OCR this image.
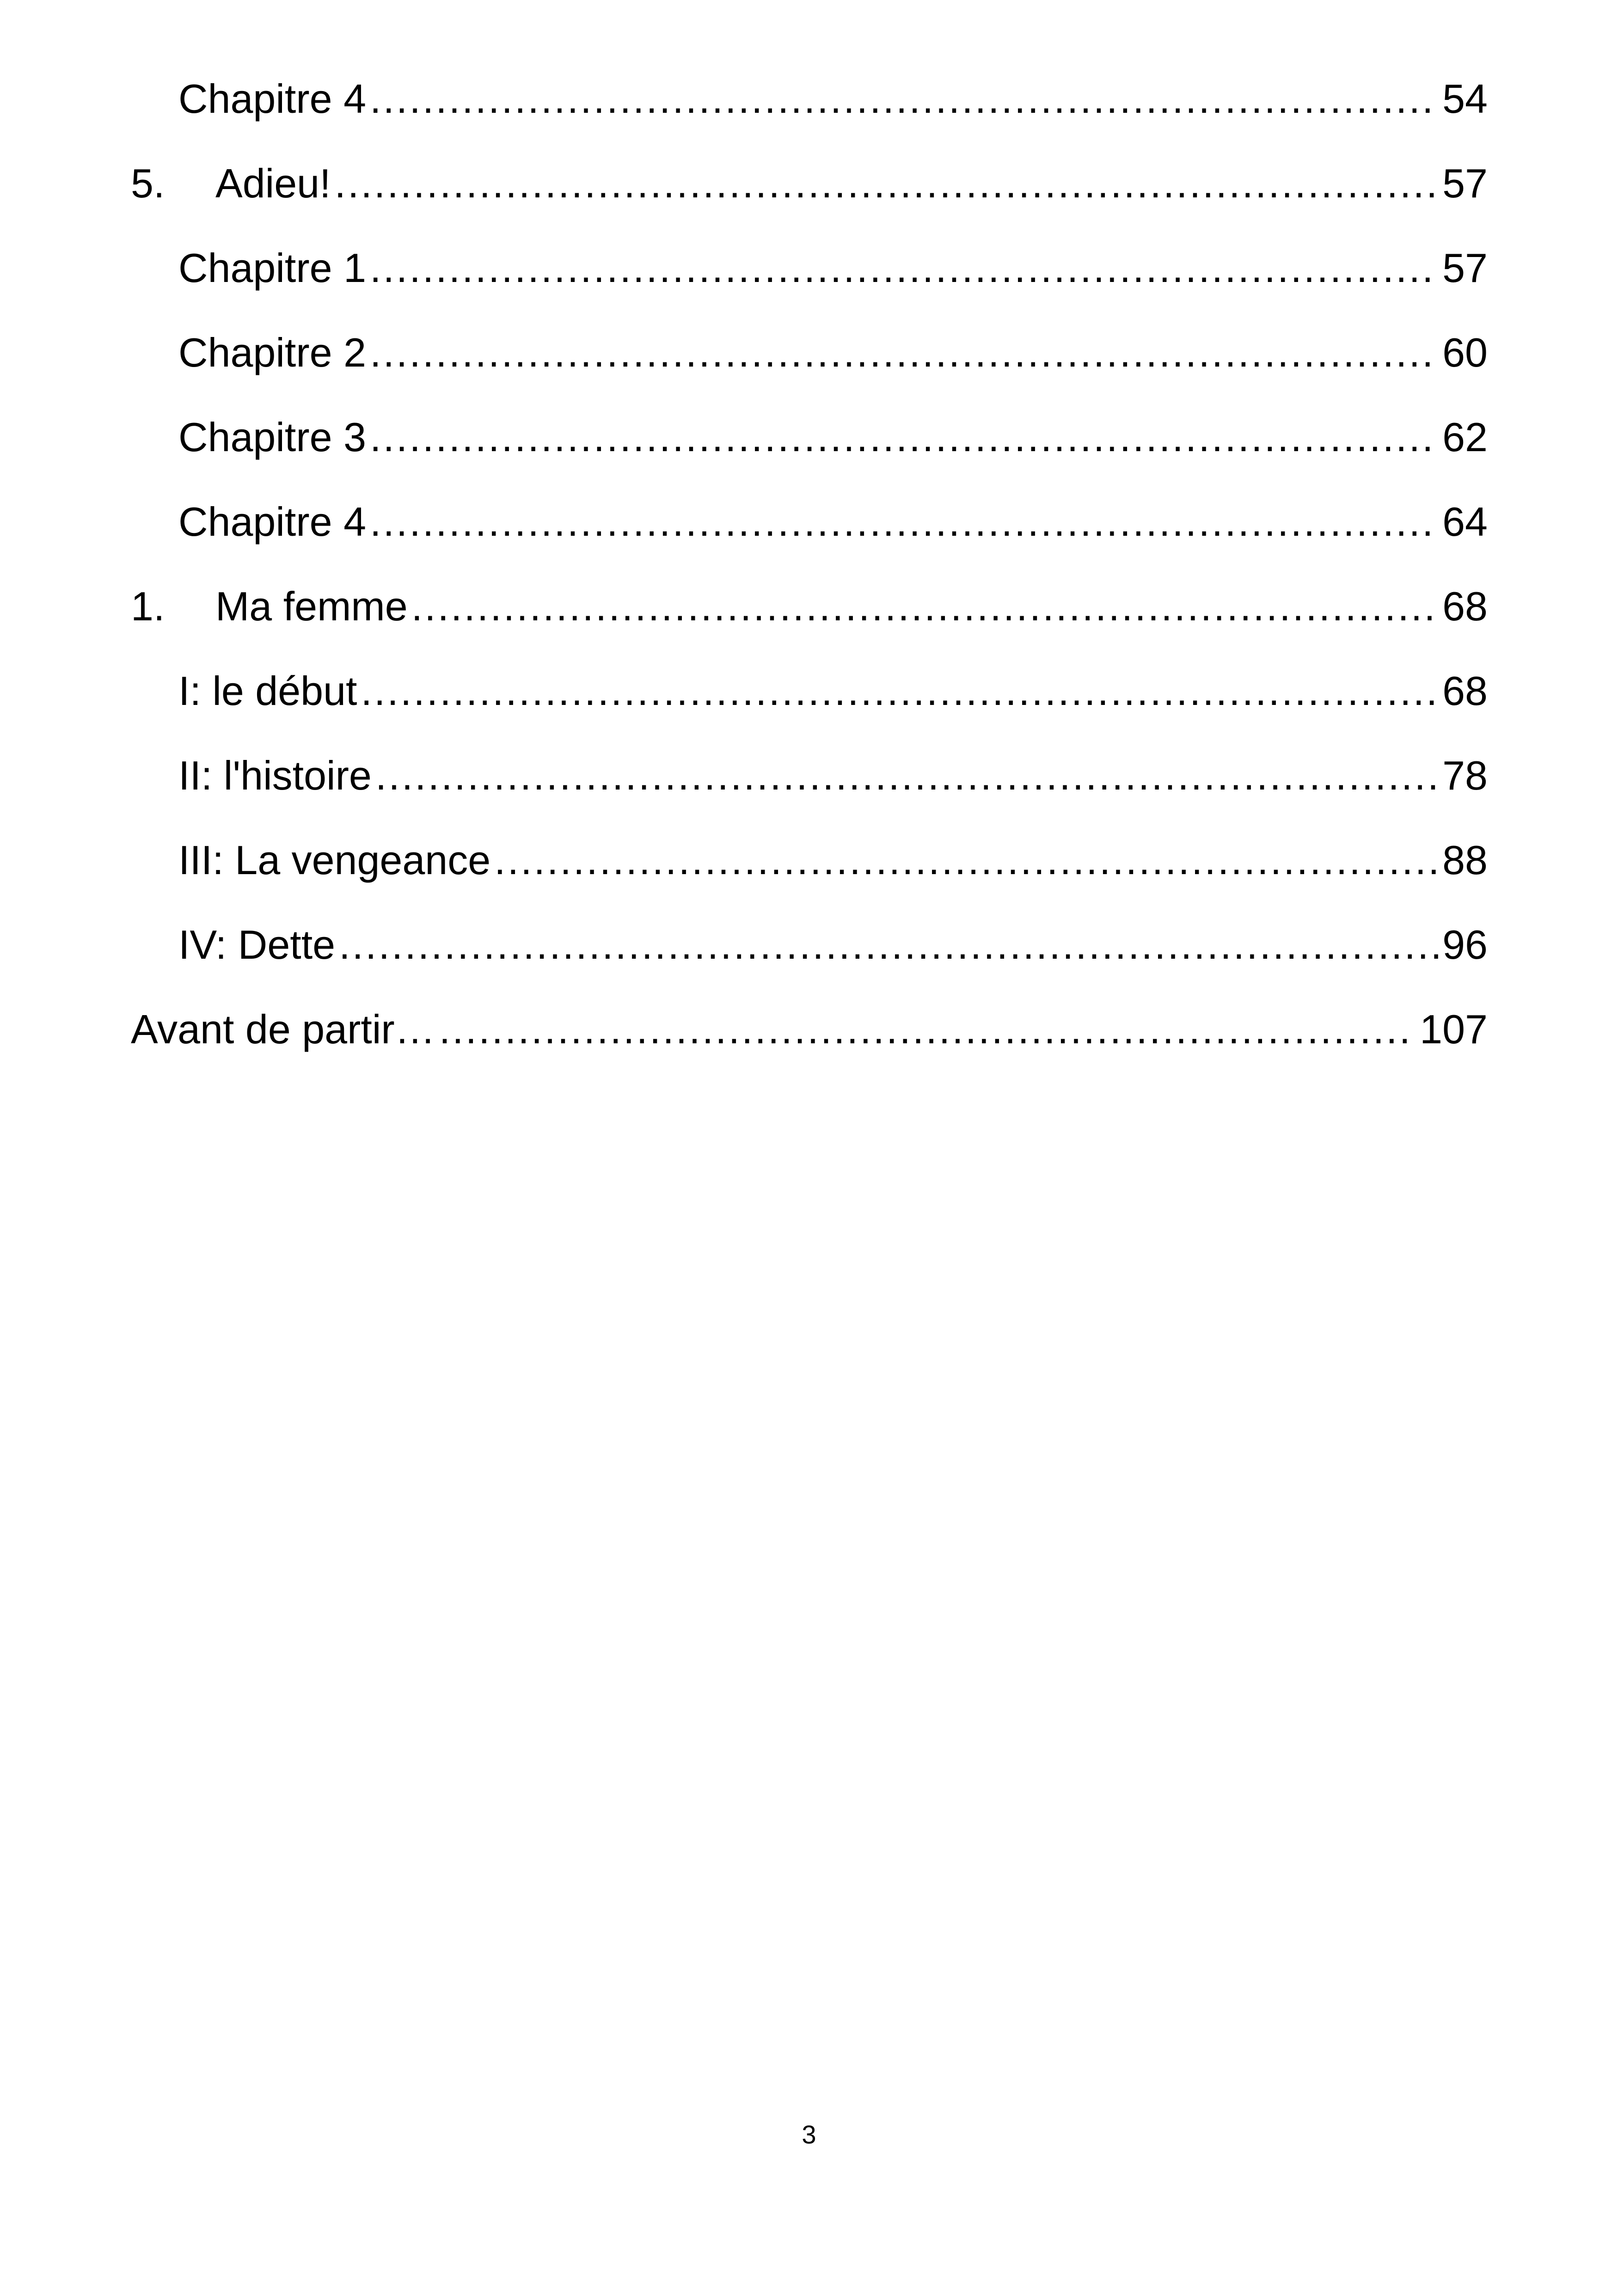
Chapitre 4 .....	54
5.	Adieu! .....	57
Chapitre 1 .....	57
Chapitre 2 .....	60
Chapitre 3 .....	62
Chapitre 4 .....	64
1.	Ma femme .....	68
I: le début .....	68
II: l'histoire .....	78
III: La vengeance .....	88
IV: Dette .....	96
Avant de partir… .....	107
3
